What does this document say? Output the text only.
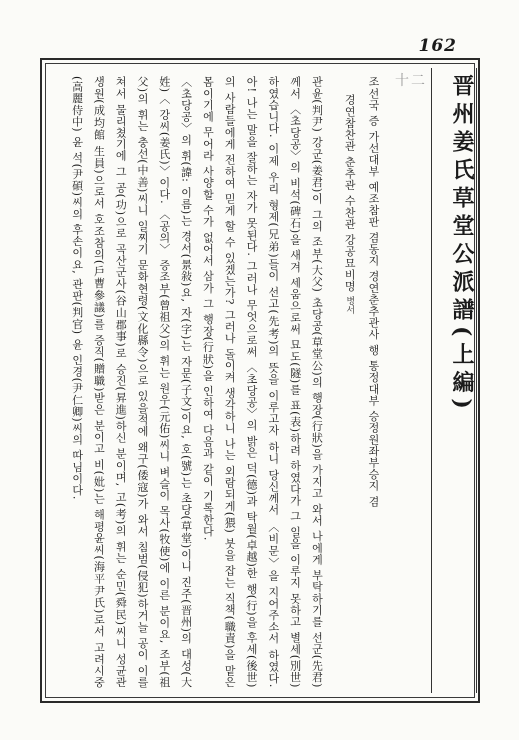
162
晋州姜氏草堂公派譜(上編)
十二

조선국 증 가선대부 예조참판 겸동지 경연춘추관사 행 통정대부 승정원좌부승지 겸

경연참찬관 춘추관 수찬관 강공묘비명 병서

관윤(判尹) 강군(姜君)이 그의 조부(大父) 초당공(草堂公)의 행장(行狀)을 가지고 와서 나에게 부탁하기를 선군(先君)께서 〈초당공〉의 비석(碑石)을 새겨 세움으로써 묘도(隧)를 표(表)하려 하였다가 그 일을 이루지 못하고 별세(別世)하였습니다. 이제 우리 형제(兄弟)들이 선고(先考)의 뜻을 이루고자 하니 당신께서 〈비문〉을 지어주소서 하였다. 아! 나는 말을 잘하는 자가 못된다. 그러나 무엇으로써 〈초당공〉의 밝은 덕(德)과 탁월(卓越)한 행(行)을 후세(後世)의 사람들에게 전하여 믿게 할 수 있겠는가? 그러나 돌이켜 생각하니 나는 외람되게(猥) 붓을 잡는 직책(職責)을 맡은 몸이기에 무어라 사양할 수가 없어서 삼가 그 행장(行狀)을 인하여 다음과 같이 기록한다.

〈초당공〉의 휘(諱: 이름)는 경서(景敍)요, 자(字)는 자문(子文)이요, 호(號)는 초당(草堂)이니 진주(晋州)의 대성(大姓)〈 강씨(姜氏)〉이다. 〈공의〉 증조부(曾祖父)의 휘는 원우(元佑)씨니 벼슬이 목사(牧使)에 이른 분이요, 조부(祖父)의 휘는 충선(中善)씨니 일찌기 문화현령(文化縣令)으로 있을적에 왜구(倭寇)가 와서 침범(侵犯)하거늘 공이 이를 쳐서 물리쳤기에 그 공(功)으로 곡산군사(谷山郡事)로 승진(昇進)하신 분이며, 고(考)의 휘는 순민(舜民)씨니 성균관 생원(成均館 生員)으로서 호조참의(戶曹參議)를 증직(贈職)받은 분이고 비(妣)는 해평윤씨(海平尹氏)로서 고려시중(高麗侍中) 윤 석(尹碩)씨의 후손이요, 관판(判官) 윤 인경(尹仁卿)씨의 따님이다.
